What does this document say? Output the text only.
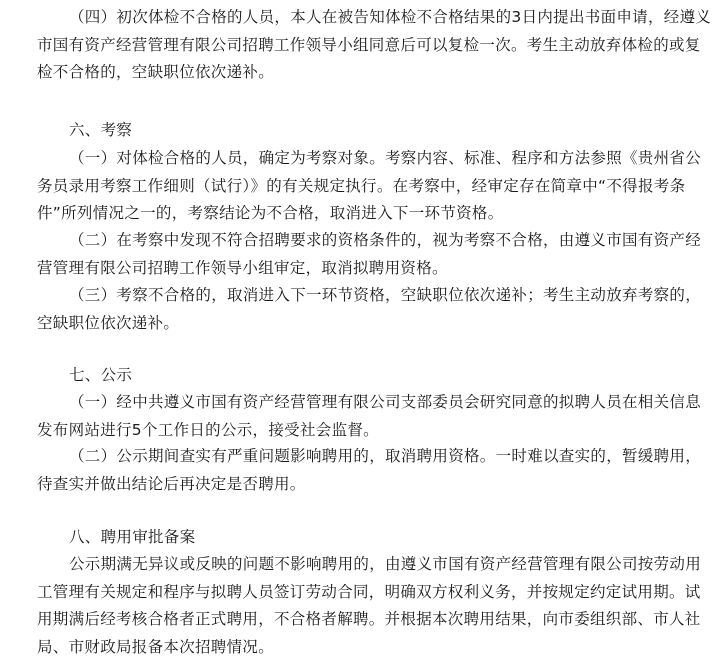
（四）初次体检不合格的人员，本人在被告知体检不合格结果的3日内提出书面申请，经遵义市国有资产经营管理有限公司招聘工作领导小组同意后可以复检一次。考生主动放弃体检的或复检不合格的，空缺职位依次递补。

六、考察

（一）对体检合格的人员，确定为考察对象。考察内容、标准、程序和方法参照《贵州省公务员录用考察工作细则（试行）》的有关规定执行。在考察中，经审定存在简章中“不得报考条件”所列情况之一的，考察结论为不合格，取消进入下一环节资格。

（二）在考察中发现不符合招聘要求的资格条件的，视为考察不合格，由遵义市国有资产经营管理有限公司招聘工作领导小组审定，取消拟聘用资格。

（三）考察不合格的，取消进入下一环节资格，空缺职位依次递补；考生主动放弃考察的，空缺职位依次递补。

七、公示

（一）经中共遵义市国有资产经营管理有限公司支部委员会研究同意的拟聘人员在相关信息发布网站进行5个工作日的公示，接受社会监督。

（二）公示期间查实有严重问题影响聘用的，取消聘用资格。一时难以查实的，暂缓聘用，待查实并做出结论后再决定是否聘用。

八、聘用审批备案

公示期满无异议或反映的问题不影响聘用的，由遵义市国有资产经营管理有限公司按劳动用工管理有关规定和程序与拟聘人员签订劳动合同，明确双方权利义务，并按规定约定试用期。试用期满后经考核合格者正式聘用，不合格者解聘。并根据本次聘用结果，向市委组织部、市人社局、市财政局报备本次招聘情况。
